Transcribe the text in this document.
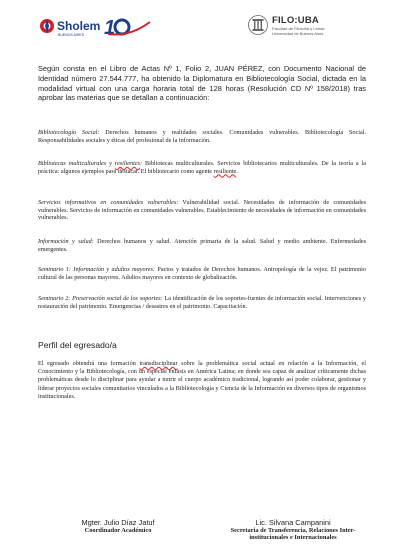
Sholem
BUENOS AIRES 1	FILO:UBA
Facultad de Filosofía y Letras
Universidad de Buenos Aires
Según consta en el Libro de Actas Nº 1, Folio 2, JUAN PÉREZ, con Documento Nacional de Identidad número 27.544.777, ha obtenido la Diplomatura en Bibliotecología Social, dictada en la modalidad virtual con una carga horaria total de 128 horas (Resolución CD Nº 158/2018) tras aprobar las materias que se detallan a continuación:
Bibliotecología Social: Derechos humanos y realidades sociales. Comunidades vulnerables. Bibliotecología Social. Responsabilidades sociales y éticas del profesional de la información.
Bibliotecas multiculturales y resilientes: Bibliotecas multiculturales. Servicios bibliotecarios multiculturales. De la teoría a la práctica: algunos ejemplos para destacar. El bibliotecario como agente resiliente.
Servicios informativos en comunidades vulnerables: Vulnerabilidad social. Necesidades de información de comunidades vulnerables. Servicios de información en comunidades vulnerables. Establecimiento de necesidades de información en comunidades vulnerables.
Información y salud: Derechos humanos y salud. Atención primaria de la salud. Salud y medio ambiente. Enfermedades emergentes.
Seminario 1: Información y adultos mayores: Pactos y tratados de Derechos humanos. Antropología de la vejez. El patrimonio cultural de las personas mayores. Adultos mayores en contexto de globalización.
Seminario 2: Preservación social de los soportes: La identificación de los soportes-fuentes de información social. Intervenciones y restauración del patrimonio. Emergencias / desastres en el patrimonio. Capacitación.
Perfil del egresado/a
El egresado obtendrá una formación transdisciplinar sobre la problemática social actual en relación a la Información, el Conocimiento y la Bibliotecología, con un especial énfasis en América Latina; en donde sea capaz de analizar críticamente dichas problemáticas desde lo disciplinar para ayudar a nutrir el cuerpo académico tradicional, logrando así poder colaborar, gestionar y liderar proyectos sociales comunitarios vinculados a la Bibliotecología y Ciencia de la Información en diversos tipos de organismos institucionales.
Mgter. Julio Díaz Jatuf
Coordinador Académico
Lic. Silvana Campanini
Secretaria de Transferencia, Relaciones Inter-
institucionales e Internacionales
